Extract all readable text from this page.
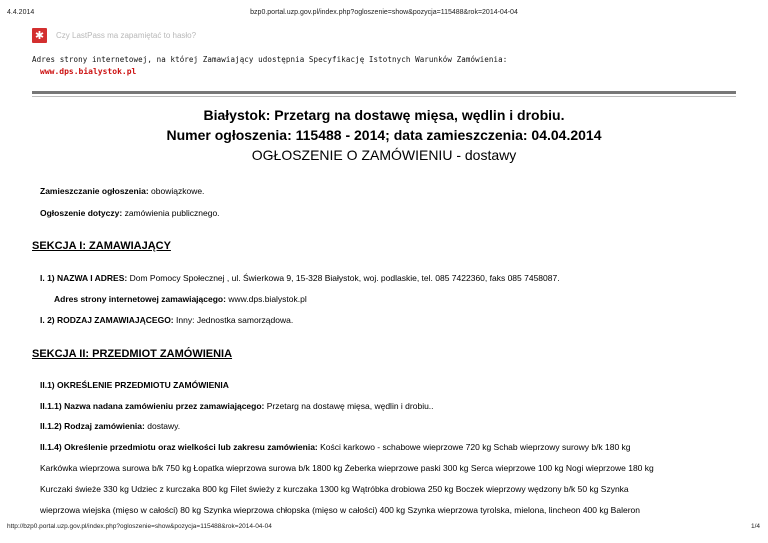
4.4.2014	bzp0.portal.uzp.gov.pl/index.php?ogloszenie=show&pozycja=115488&rok=2014-04-04
✱	Czy LastPass ma zapamiętać to hasło?
Adres strony internetowej, na której Zamawiający udostępnia Specyfikację Istotnych Warunków Zamówienia:
www.dps.bialystok.pl
Białystok: Przetarg na dostawę mięsa, wędlin i drobiu.
Numer ogłoszenia: 115488 - 2014; data zamieszczenia: 04.04.2014
OGŁOSZENIE O ZAMÓWIENIU - dostawy
Zamieszczanie ogłoszenia: obowiązkowe.
Ogłoszenie dotyczy: zamówienia publicznego.
SEKCJA I: ZAMAWIAJĄCY
I. 1) NAZWA I ADRES: Dom Pomocy Społecznej , ul. Świerkowa 9, 15-328 Białystok, woj. podlaskie, tel. 085 7422360, faks 085 7458087.
Adres strony internetowej zamawiającego: www.dps.bialystok.pl
I. 2) RODZAJ ZAMAWIAJĄCEGO: Inny: Jednostka samorządowa.
SEKCJA II: PRZEDMIOT ZAMÓWIENIA
II.1) OKREŚLENIE PRZEDMIOTU ZAMÓWIENIA
II.1.1) Nazwa nadana zamówieniu przez zamawiającego: Przetarg na dostawę mięsa, wędlin i drobiu..
II.1.2) Rodzaj zamówienia: dostawy.
II.1.4) Określenie przedmiotu oraz wielkości lub zakresu zamówienia: Kości karkowo - schabowe wieprzowe 720 kg Schab wieprzowy surowy b/k 180 kg
Karkówka wieprzowa surowa b/k 750 kg Łopatka wieprzowa surowa b/k 1800 kg Żeberka wieprzowe paski 300 kg Serca wieprzowe 100 kg Nogi wieprzowe 180 kg
Kurczaki świeże 330 kg Udziec z kurczaka 800 kg Filet świeży z kurczaka 1300 kg Wątróbka drobiowa 250 kg Boczek wieprzowy wędzony b/k 50 kg Szynka
wieprzowa wiejska (mięso w całości) 80 kg Szynka wieprzowa chłopska (mięso w całości) 400 kg Szynka wieprzowa tyrolska, mielona, lincheon 400 kg Baleron
http://bzp0.portal.uzp.gov.pl/index.php?ogloszenie=show&pozycja=115488&rok=2014-04-04	1/4
